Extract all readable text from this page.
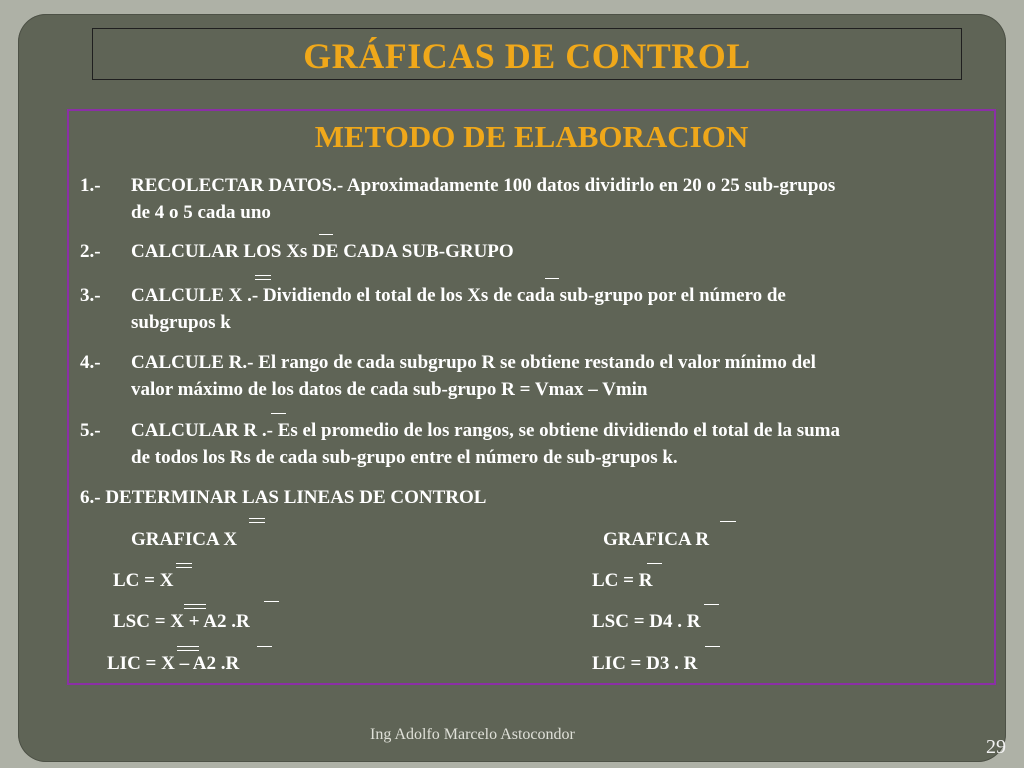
GRÁFICAS DE CONTROL
METODO DE ELABORACION
1.- RECOLECTAR DATOS.- Aproximadamente 100 datos dividirlo en 20 o 25 sub-grupos
de 4 o 5 cada uno
2.- CALCULAR LOS Xs DE CADA SUB-GRUPO
3.- CALCULE X .- Dividiendo el total de los Xs de cada sub-grupo por el número de
subgrupos k
4.- CALCULE R.- El rango de cada subgrupo R se obtiene restando el valor mínimo del
valor máximo de los datos de cada sub-grupo R = Vmax – Vmin
5.- CALCULAR R .- Es el promedio de los rangos, se obtiene dividiendo el total de la suma
de todos los Rs de cada sub-grupo entre el número de sub-grupos k.
6.- DETERMINAR LAS LINEAS DE CONTROL
GRAFICA X
LC = X
LSC = X + A2 .R
LIC = X – A2 .R
GRAFICA R
LC = R
LSC = D4 . R
LIC = D3 . R
Ing Adolfo Marcelo Astocondor
29
